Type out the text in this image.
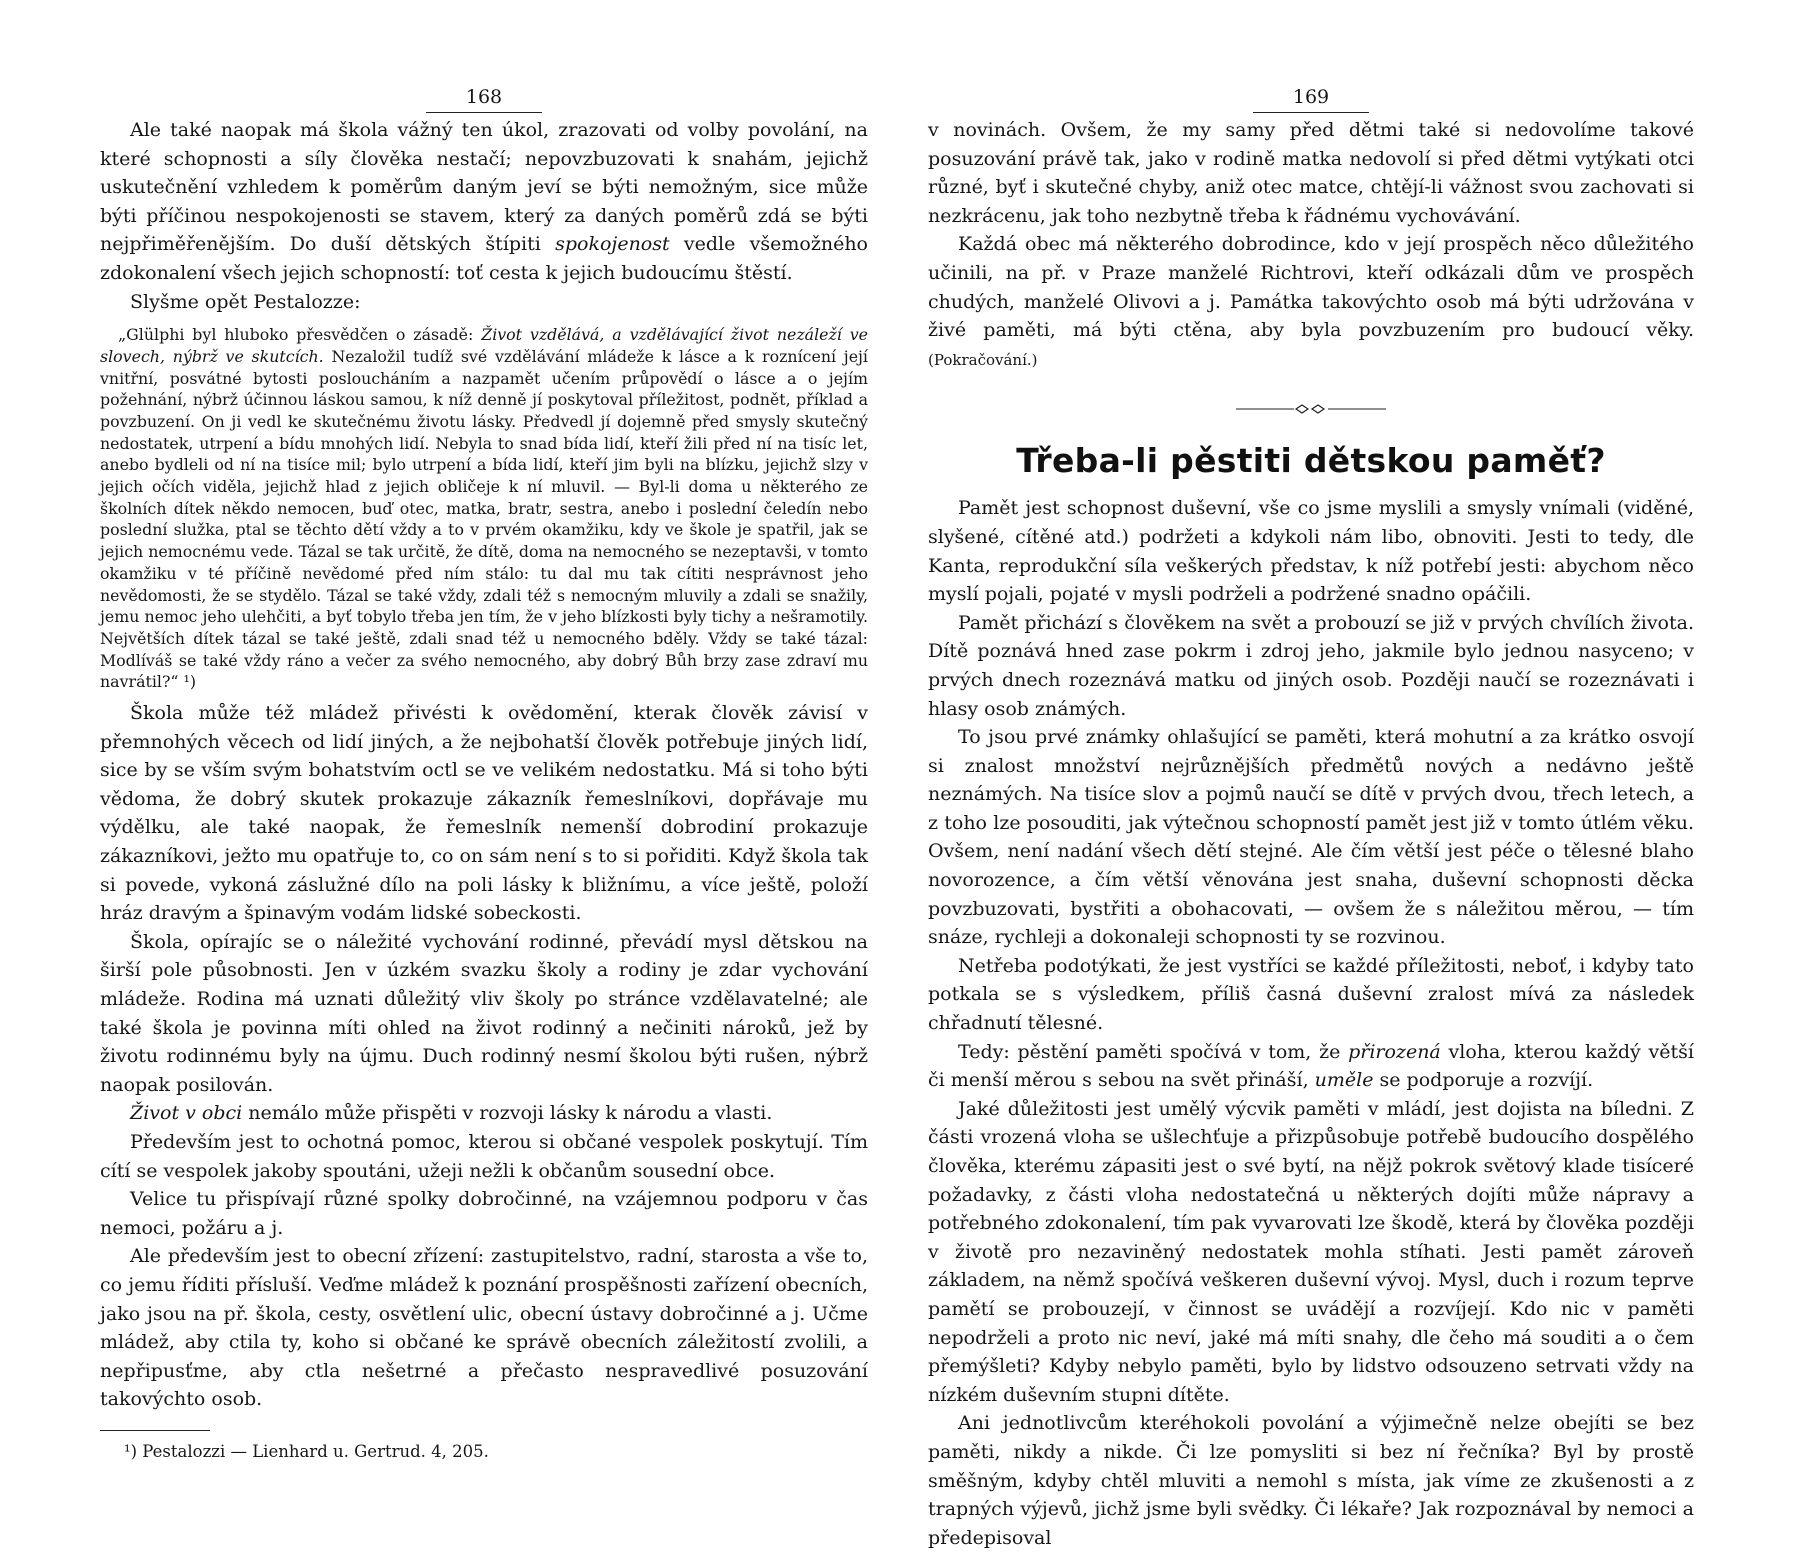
168

Ale také naopak má škola vážný ten úkol, zrazovati od volby povolání, na které schopnosti a síly člověka nestačí; nepovzbuzovati k snahám, jejichž uskutečnění vzhledem k poměrům daným jeví se býti nemožným, sice může býti příčinou nespokojenosti se stavem, který za daných poměrů zdá se býti nejpřiměřenějším. Do duší dětských štípiti spokojenost vedle všemožného zdokonalení všech jejich schopností: toť cesta k jejich budoucímu štěstí.

Slyšme opět Pestalozze:

„Glülphi byl hluboko přesvědčen o zásadě: Život vzdělává, a vzdělávající život nezáleží ve slovech, nýbrž ve skutcích. Nezaložil tudíž své vzdělávání mládeže k lásce a k roznícení její vnitřní, posvátné bytosti posloucháním a nazpamět učením průpovědí o lásce a o jejím požehnání, nýbrž účinnou láskou samou, k níž denně jí poskytoval příležitost, podnět, příklad a povzbuzení. On ji vedl ke skutečnému životu lásky. Předvedl jí dojemně před smysly skutečný nedostatek, utrpení a bídu mnohých lidí. Nebyla to snad bída lidí, kteří žili před ní na tisíc let, anebo bydleli od ní na tisíce mil; bylo utrpení a bída lidí, kteří jim byli na blízku, jejichž slzy v jejich očích viděla, jejichž hlad z jejich obličeje k ní mluvil. — Byl-li doma u některého ze školních dítek někdo nemocen, buď otec, matka, bratr, sestra, anebo i poslední čeledín nebo poslední služka, ptal se těchto dětí vždy a to v prvém okamžiku, kdy ve škole je spatřil, jak se jejich nemocnému vede. Tázal se tak určitě, že dítě, doma na nemocného se nezeptavši, v tomto okamžiku v té příčině nevědomé před ním stálo: tu dal mu tak cítiti nesprávnost jeho nevědomosti, že se stydělo. Tázal se také vždy, zdali též s nemocným mluvily a zdali se snažily, jemu nemoc jeho ulehčiti, a byť tobylo třeba jen tím, že v jeho blízkosti byly tichy a nešramotily. Největších dítek tázal se také ještě, zdali snad též u nemocného bděly. Vždy se také tázal: Modlíváš se také vždy ráno a večer za svého nemocného, aby dobrý Bůh brzy zase zdraví mu navrátil?“ ¹)

Škola může též mládež přivésti k ovědomění, kterak člověk závisí v přemnohých věcech od lidí jiných, a že nejbohatší člověk potřebuje jiných lidí, sice by se vším svým bohatstvím octl se ve velikém nedostatku. Má si toho býti vědoma, že dobrý skutek prokazuje zákazník řemeslníkovi, dopřávaje mu výdělku, ale také naopak, že řemeslník nemenší dobrodiní prokazuje zákazníkovi, ježto mu opatřuje to, co on sám není s to si pořiditi. Když škola tak si povede, vykoná záslužné dílo na poli lásky k bližnímu, a více ještě, položí hráz dravým a špinavým vodám lidské sobeckosti.

Škola, opírajíc se o náležité vychování rodinné, převádí mysl dětskou na širší pole působnosti. Jen v úzkém svazku školy a rodiny je zdar vychování mládeže. Rodina má uznati důležitý vliv školy po stránce vzdělavatelné; ale také škola je povinna míti ohled na život rodinný a nečiniti nároků, jež by životu rodinnému byly na újmu. Duch rodinný nesmí školou býti rušen, nýbrž naopak posilován.

Život v obci nemálo může přispěti v rozvoji lásky k národu a vlasti.

Především jest to ochotná pomoc, kterou si občané vespolek poskytují. Tím cítí se vespolek jakoby spoutáni, užeji nežli k občanům sousední obce.

Velice tu přispívají různé spolky dobročinné, na vzájemnou podporu v čas nemoci, požáru a j.

Ale především jest to obecní zřízení: zastupitelstvo, radní, starosta a vše to, co jemu říditi přísluší. Veďme mládež k poznání prospěšnosti zařízení obecních, jako jsou na př. škola, cesty, osvětlení ulic, obecní ústavy dobročinné a j. Učme mládež, aby ctila ty, koho si občané ke správě obecních záležitostí zvolili, a nepřipusťme, aby ctla nešetrné a přečasto nespravedlivé posuzování takovýchto osob.

¹) Pestalozzi — Lienhard u. Gertrud. 4, 205.

169

v novinách. Ovšem, že my samy před dětmi také si nedovolíme takové posuzování právě tak, jako v rodině matka nedovolí si před dětmi vytýkati otci různé, byť i skutečné chyby, aniž otec matce, chtějí-li vážnost svou zachovati si nezkrácenu, jak toho nezbytně třeba k řádnému vychovávání.

Každá obec má některého dobrodince, kdo v její prospěch něco důležitého učinili, na př. v Praze manželé Richtrovi, kteří odkázali dům ve prospěch chudých, manželé Olivovi a j. Památka takovýchto osob má býti udržována v živé paměti, má býti ctěna, aby byla povzbuzením pro budoucí věky. (Pokračování.)

Třeba-li pěstiti dětskou paměť?

Pamět jest schopnost duševní, vše co jsme myslili a smysly vnímali (viděné, slyšené, cítěné atd.) podržeti a kdykoli nám libo, obnoviti. Jesti to tedy, dle Kanta, reprodukční síla veškerých představ, k níž potřebí jesti: abychom něco myslí pojali, pojaté v mysli podrželi a podržené snadno opáčili.

Pamět přichází s člověkem na svět a probouzí se již v prvých chvílích života. Dítě poznává hned zase pokrm i zdroj jeho, jakmile bylo jednou nasyceno; v prvých dnech rozeznává matku od jiných osob. Později naučí se rozeznávati i hlasy osob známých.

To jsou prvé známky ohlašující se paměti, která mohutní a za krátko osvojí si znalost množství nejrůznějších předmětů nových a nedávno ještě neznámých. Na tisíce slov a pojmů naučí se dítě v prvých dvou, třech letech, a z toho lze posouditi, jak výtečnou schopností pamět jest již v tomto útlém věku. Ovšem, není nadání všech dětí stejné. Ale čím větší jest péče o tělesné blaho novorozence, a čím větší věnována jest snaha, duševní schopnosti děcka povzbuzovati, bystřiti a obohacovati, — ovšem že s náležitou měrou, — tím snáze, rychleji a dokonaleji schopnosti ty se rozvinou.

Netřeba podotýkati, že jest vystříci se každé příležitosti, neboť, i kdyby tato potkala se s výsledkem, příliš časná duševní zralost mívá za následek chřadnutí tělesné.

Tedy: pěstění paměti spočívá v tom, že přirozená vloha, kterou každý větší či menší měrou s sebou na svět přináší, uměle se podporuje a rozvíjí.

Jaké důležitosti jest umělý výcvik paměti v mládí, jest dojista na bíledni. Z části vrozená vloha se ušlechťuje a přizpůsobuje potřebě budoucího dospělého člověka, kterému zápasiti jest o své bytí, na nějž pokrok světový klade tisíceré požadavky, z části vloha nedostatečná u některých dojíti může nápravy a potřebného zdokonalení, tím pak vyvarovati lze škodě, která by člověka později v životě pro nezaviněný nedostatek mohla stíhati. Jesti pamět zároveň základem, na němž spočívá veškeren duševní vývoj. Mysl, duch i rozum teprve pamětí se probouzejí, v činnost se uvádějí a rozvíjejí. Kdo nic v paměti nepodrželi a proto nic neví, jaké má míti snahy, dle čeho má souditi a o čem přemýšleti? Kdyby nebylo paměti, bylo by lidstvo odsouzeno setrvati vždy na nízkém duševním stupni dítěte.

Ani jednotlivcům kteréhokoli povolání a výjimečně nelze obejíti se bez paměti, nikdy a nikde. Či lze pomysliti si bez ní řečníka? Byl by prostě směšným, kdyby chtěl mluviti a nemohl s místa, jak víme ze zkušenosti a z trapných výjevů, jichž jsme byli svědky. Či lékaře? Jak rozpoznával by nemoci a předepisoval
